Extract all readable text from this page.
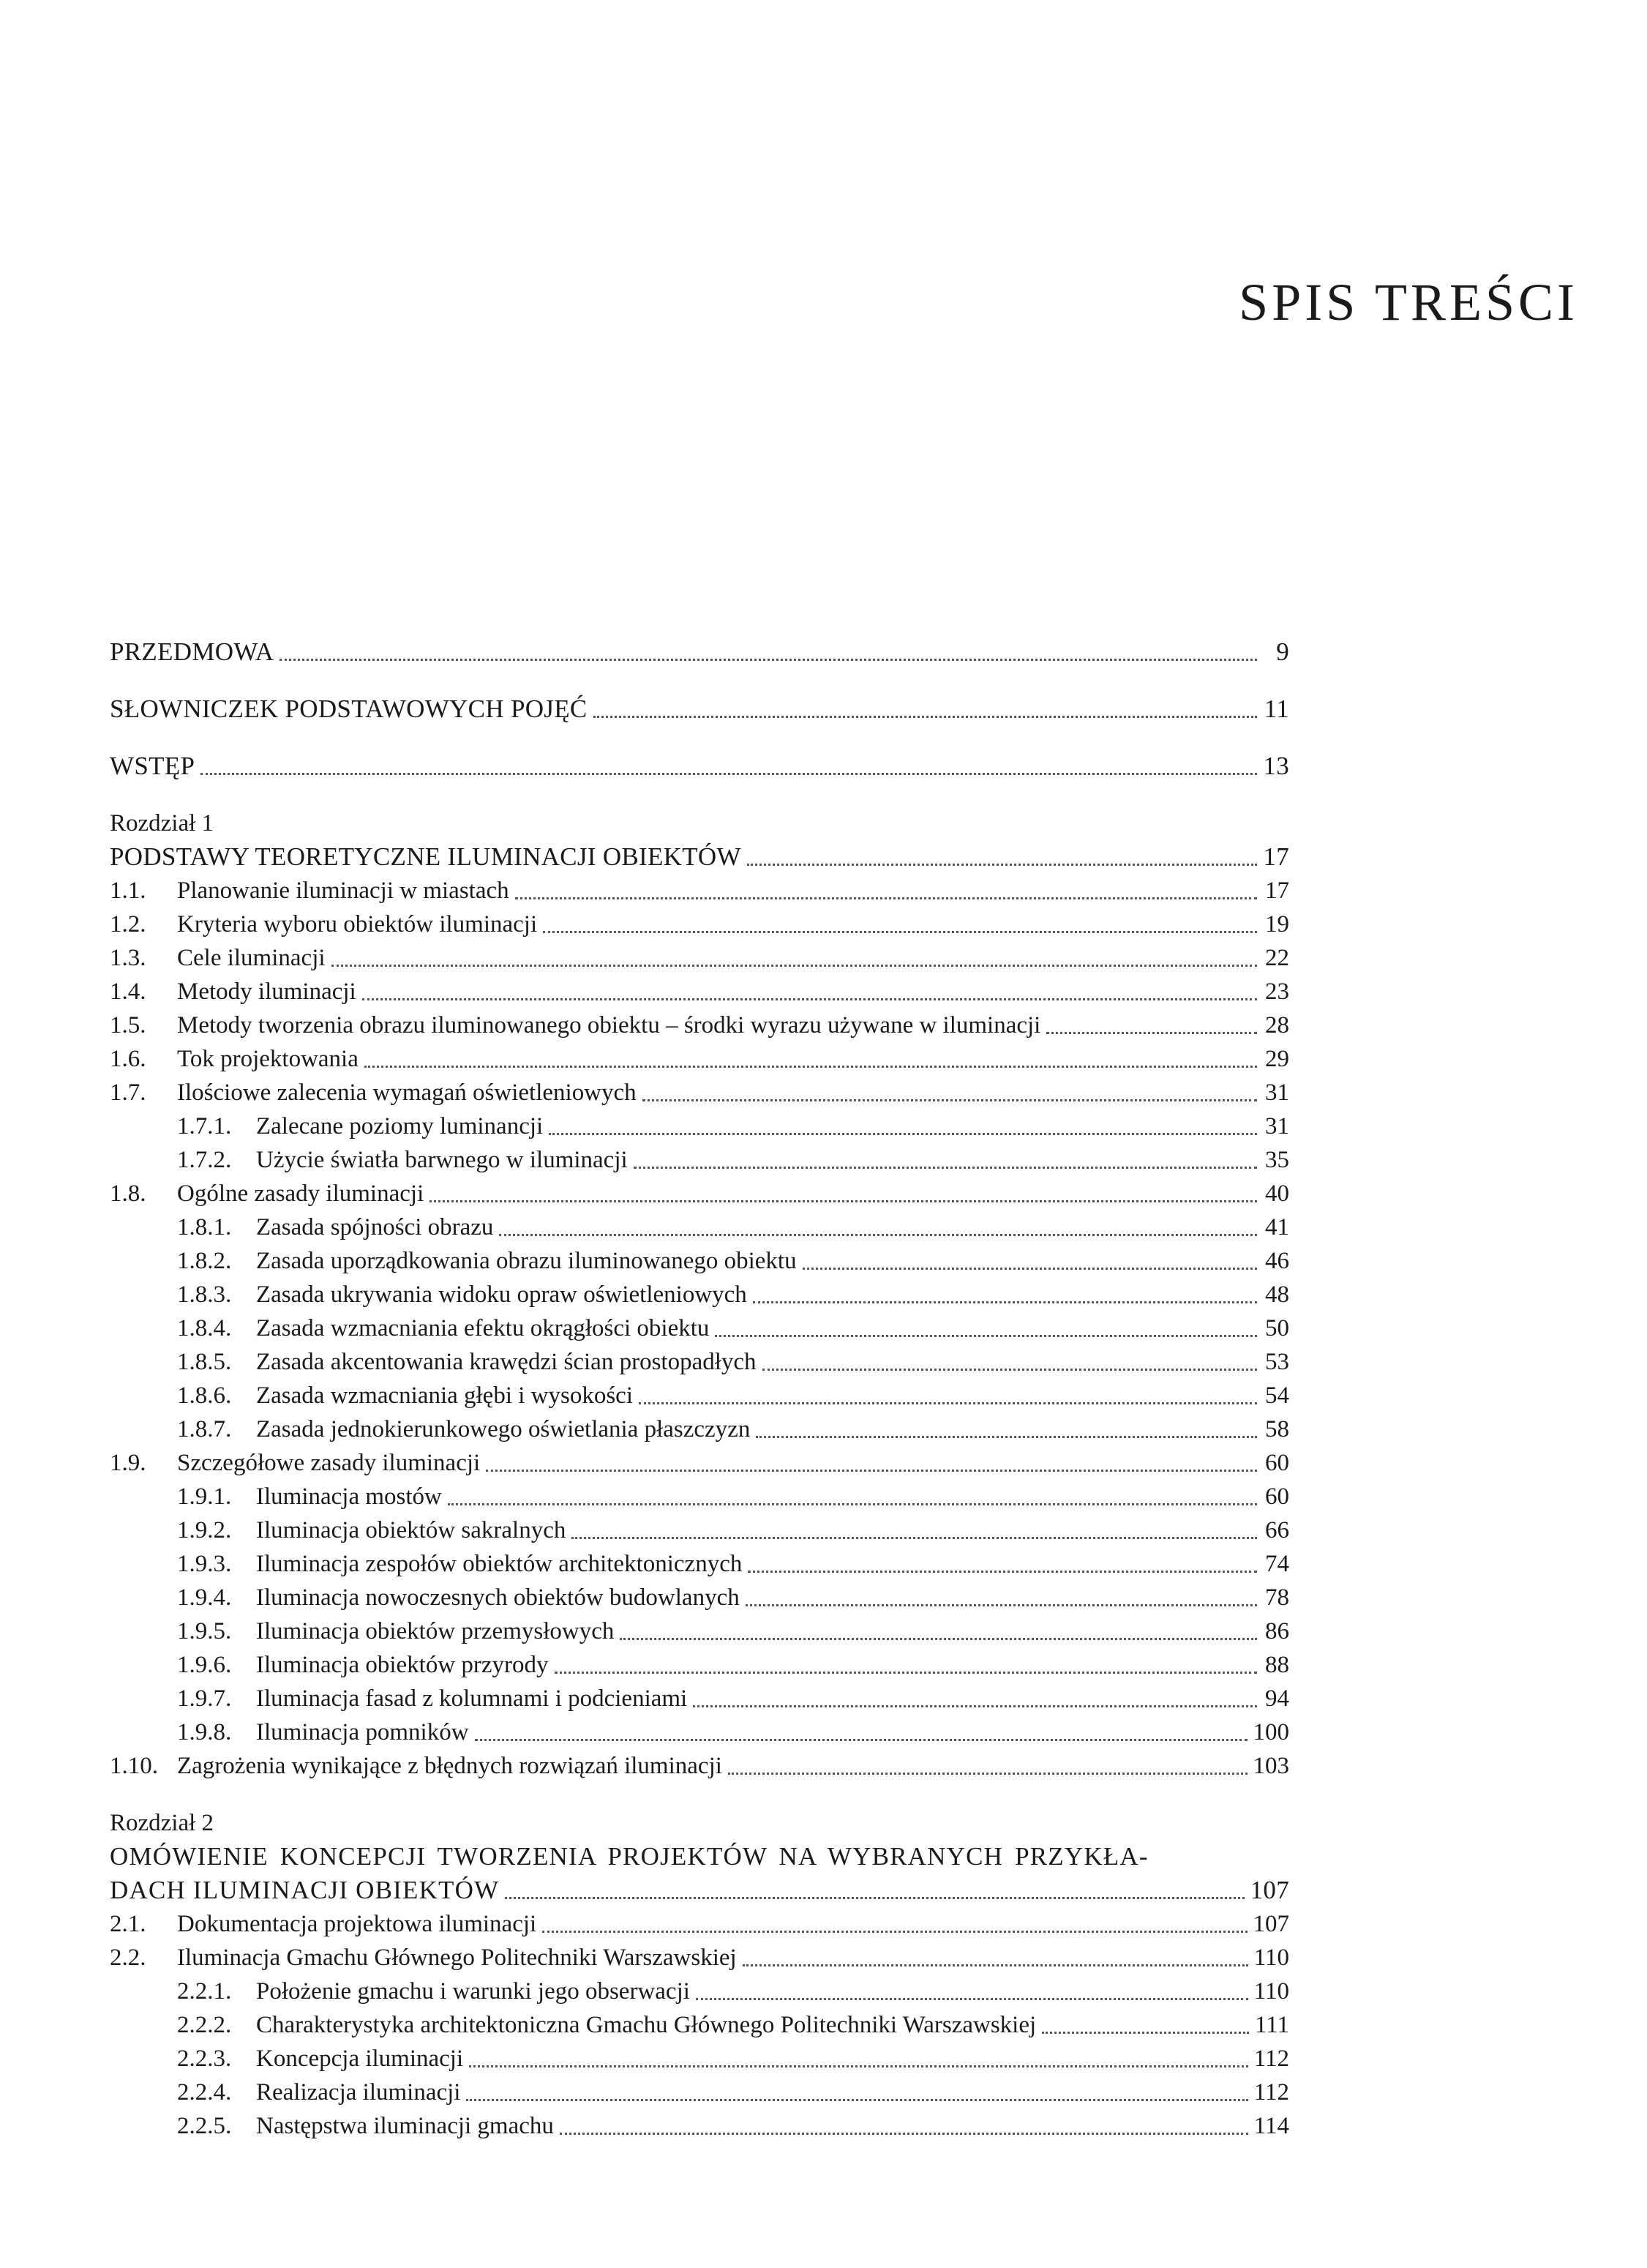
SPIS TREŚCI
PRZEDMOWA	9
SŁOWNICZEK PODSTAWOWYCH POJĘĆ	11
WSTĘP	13
Rozdział 1
PODSTAWY TEORETYCZNE ILUMINACJI OBIEKTÓW	17
1.1.	Planowanie iluminacji w miastach	17
1.2.	Kryteria wyboru obiektów iluminacji	19
1.3.	Cele iluminacji	22
1.4.	Metody iluminacji	23
1.5.	Metody tworzenia obrazu iluminowanego obiektu – środki wyrazu używane w iluminacji	28
1.6.	Tok projektowania	29
1.7.	Ilościowe zalecenia wymagań oświetleniowych	31
1.7.1.	Zalecane poziomy luminancji	31
1.7.2.	Użycie światła barwnego w iluminacji	35
1.8.	Ogólne zasady iluminacji	40
1.8.1.	Zasada spójności obrazu	41
1.8.2.	Zasada uporządkowania obrazu iluminowanego obiektu	46
1.8.3.	Zasada ukrywania widoku opraw oświetleniowych	48
1.8.4.	Zasada wzmacniania efektu okrągłości obiektu	50
1.8.5.	Zasada akcentowania krawędzi ścian prostopadłych	53
1.8.6.	Zasada wzmacniania głębi i wysokości	54
1.8.7.	Zasada jednokierunkowego oświetlania płaszczyzn	58
1.9.	Szczegółowe zasady iluminacji	60
1.9.1.	Iluminacja mostów	60
1.9.2.	Iluminacja obiektów sakralnych	66
1.9.3.	Iluminacja zespołów obiektów architektonicznych	74
1.9.4.	Iluminacja nowoczesnych obiektów budowlanych	78
1.9.5.	Iluminacja obiektów przemysłowych	86
1.9.6.	Iluminacja obiektów przyrody	88
1.9.7.	Iluminacja fasad z kolumnami i podcieniami	94
1.9.8.	Iluminacja pomników	100
1.10. Zagrożenia wynikające z błędnych rozwiązań iluminacji	103
Rozdział 2
OMÓWIENIE KONCEPCJI TWORZENIA PROJEKTÓW NA WYBRANYCH PRZYKŁA-
DACH ILUMINACJI OBIEKTÓW	107
2.1.	Dokumentacja projektowa iluminacji	107
2.2.	Iluminacja Gmachu Głównego Politechniki Warszawskiej	110
2.2.1.	Położenie gmachu i warunki jego obserwacji	110
2.2.2.	Charakterystyka architektoniczna Gmachu Głównego Politechniki Warszawskiej	111
2.2.3.	Koncepcja iluminacji	112
2.2.4.	Realizacja iluminacji	112
2.2.5.	Następstwa iluminacji gmachu	114
